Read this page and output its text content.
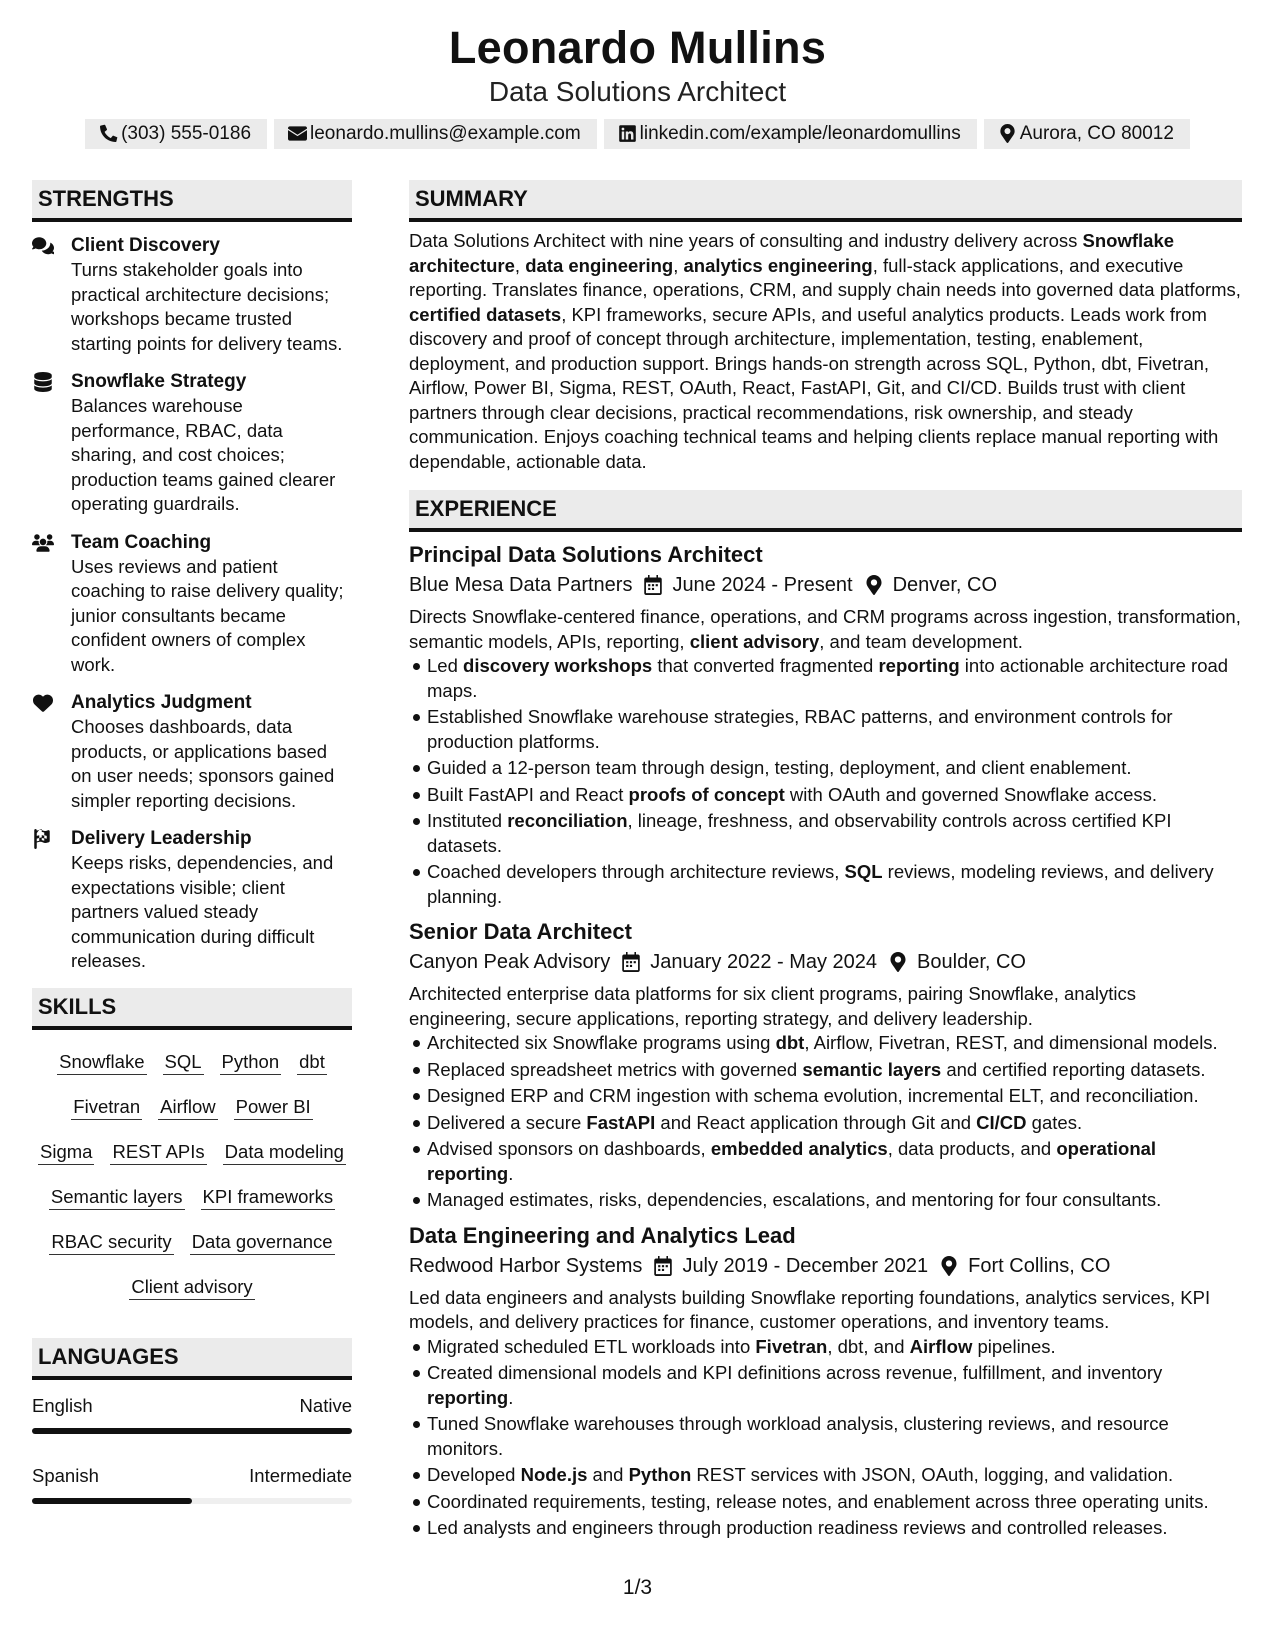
Leonardo Mullins
Data Solutions Architect
(303) 555-0186	leonardo.mullins@example.com	linkedin.com/example/leonardomullins	Aurora, CO 80012
STRENGTHS
Client Discovery
Turns stakeholder goals into practical architecture decisions; workshops became trusted starting points for delivery teams.
Snowflake Strategy
Balances warehouse performance, RBAC, data sharing, and cost choices; production teams gained clearer operating guardrails.
Team Coaching
Uses reviews and patient coaching to raise delivery quality; junior consultants became confident owners of complex work.
Analytics Judgment
Chooses dashboards, data products, or applications based on user needs; sponsors gained simpler reporting decisions.
Delivery Leadership
Keeps risks, dependencies, and expectations visible; client partners valued steady communication during difficult releases.
SKILLS
Snowflake SQL Python dbt
Fivetran Airflow Power BI
Sigma REST APIs Data modeling
Semantic layers KPI frameworks
RBAC security Data governance
Client advisory
LANGUAGES
English	Native
Spanish	Intermediate
SUMMARY
Data Solutions Architect with nine years of consulting and industry delivery across Snowflake architecture, data engineering, analytics engineering, full-stack applications, and executive reporting. Translates finance, operations, CRM, and supply chain needs into governed data platforms, certified datasets, KPI frameworks, secure APIs, and useful analytics products. Leads work from discovery and proof of concept through architecture, implementation, testing, enablement, deployment, and production support. Brings hands-on strength across SQL, Python, dbt, Fivetran, Airflow, Power BI, Sigma, REST, OAuth, React, FastAPI, Git, and CI/CD. Builds trust with client partners through clear decisions, practical recommendations, risk ownership, and steady communication. Enjoys coaching technical teams and helping clients replace manual reporting with dependable, actionable data.
EXPERIENCE
Principal Data Solutions Architect
Blue Mesa Data Partners June 2024 - Present Denver, CO
Directs Snowflake-centered finance, operations, and CRM programs across ingestion, transformation, semantic models, APIs, reporting, client advisory, and team development.
Led discovery workshops that converted fragmented reporting into actionable architecture road maps.
Established Snowflake warehouse strategies, RBAC patterns, and environment controls for production platforms.
Guided a 12-person team through design, testing, deployment, and client enablement.
Built FastAPI and React proofs of concept with OAuth and governed Snowflake access.
Instituted reconciliation, lineage, freshness, and observability controls across certified KPI datasets.
Coached developers through architecture reviews, SQL reviews, modeling reviews, and delivery planning.
Senior Data Architect
Canyon Peak Advisory January 2022 - May 2024 Boulder, CO
Architected enterprise data platforms for six client programs, pairing Snowflake, analytics engineering, secure applications, reporting strategy, and delivery leadership.
Architected six Snowflake programs using dbt, Airflow, Fivetran, REST, and dimensional models.
Replaced spreadsheet metrics with governed semantic layers and certified reporting datasets.
Designed ERP and CRM ingestion with schema evolution, incremental ELT, and reconciliation.
Delivered a secure FastAPI and React application through Git and CI/CD gates.
Advised sponsors on dashboards, embedded analytics, data products, and operational reporting.
Managed estimates, risks, dependencies, escalations, and mentoring for four consultants.
Data Engineering and Analytics Lead
Redwood Harbor Systems July 2019 - December 2021 Fort Collins, CO
Led data engineers and analysts building Snowflake reporting foundations, analytics services, KPI models, and delivery practices for finance, customer operations, and inventory teams.
Migrated scheduled ETL workloads into Fivetran, dbt, and Airflow pipelines.
Created dimensional models and KPI definitions across revenue, fulfillment, and inventory reporting.
Tuned Snowflake warehouses through workload analysis, clustering reviews, and resource monitors.
Developed Node.js and Python REST services with JSON, OAuth, logging, and validation.
Coordinated requirements, testing, release notes, and enablement across three operating units.
Led analysts and engineers through production readiness reviews and controlled releases.
1/3
